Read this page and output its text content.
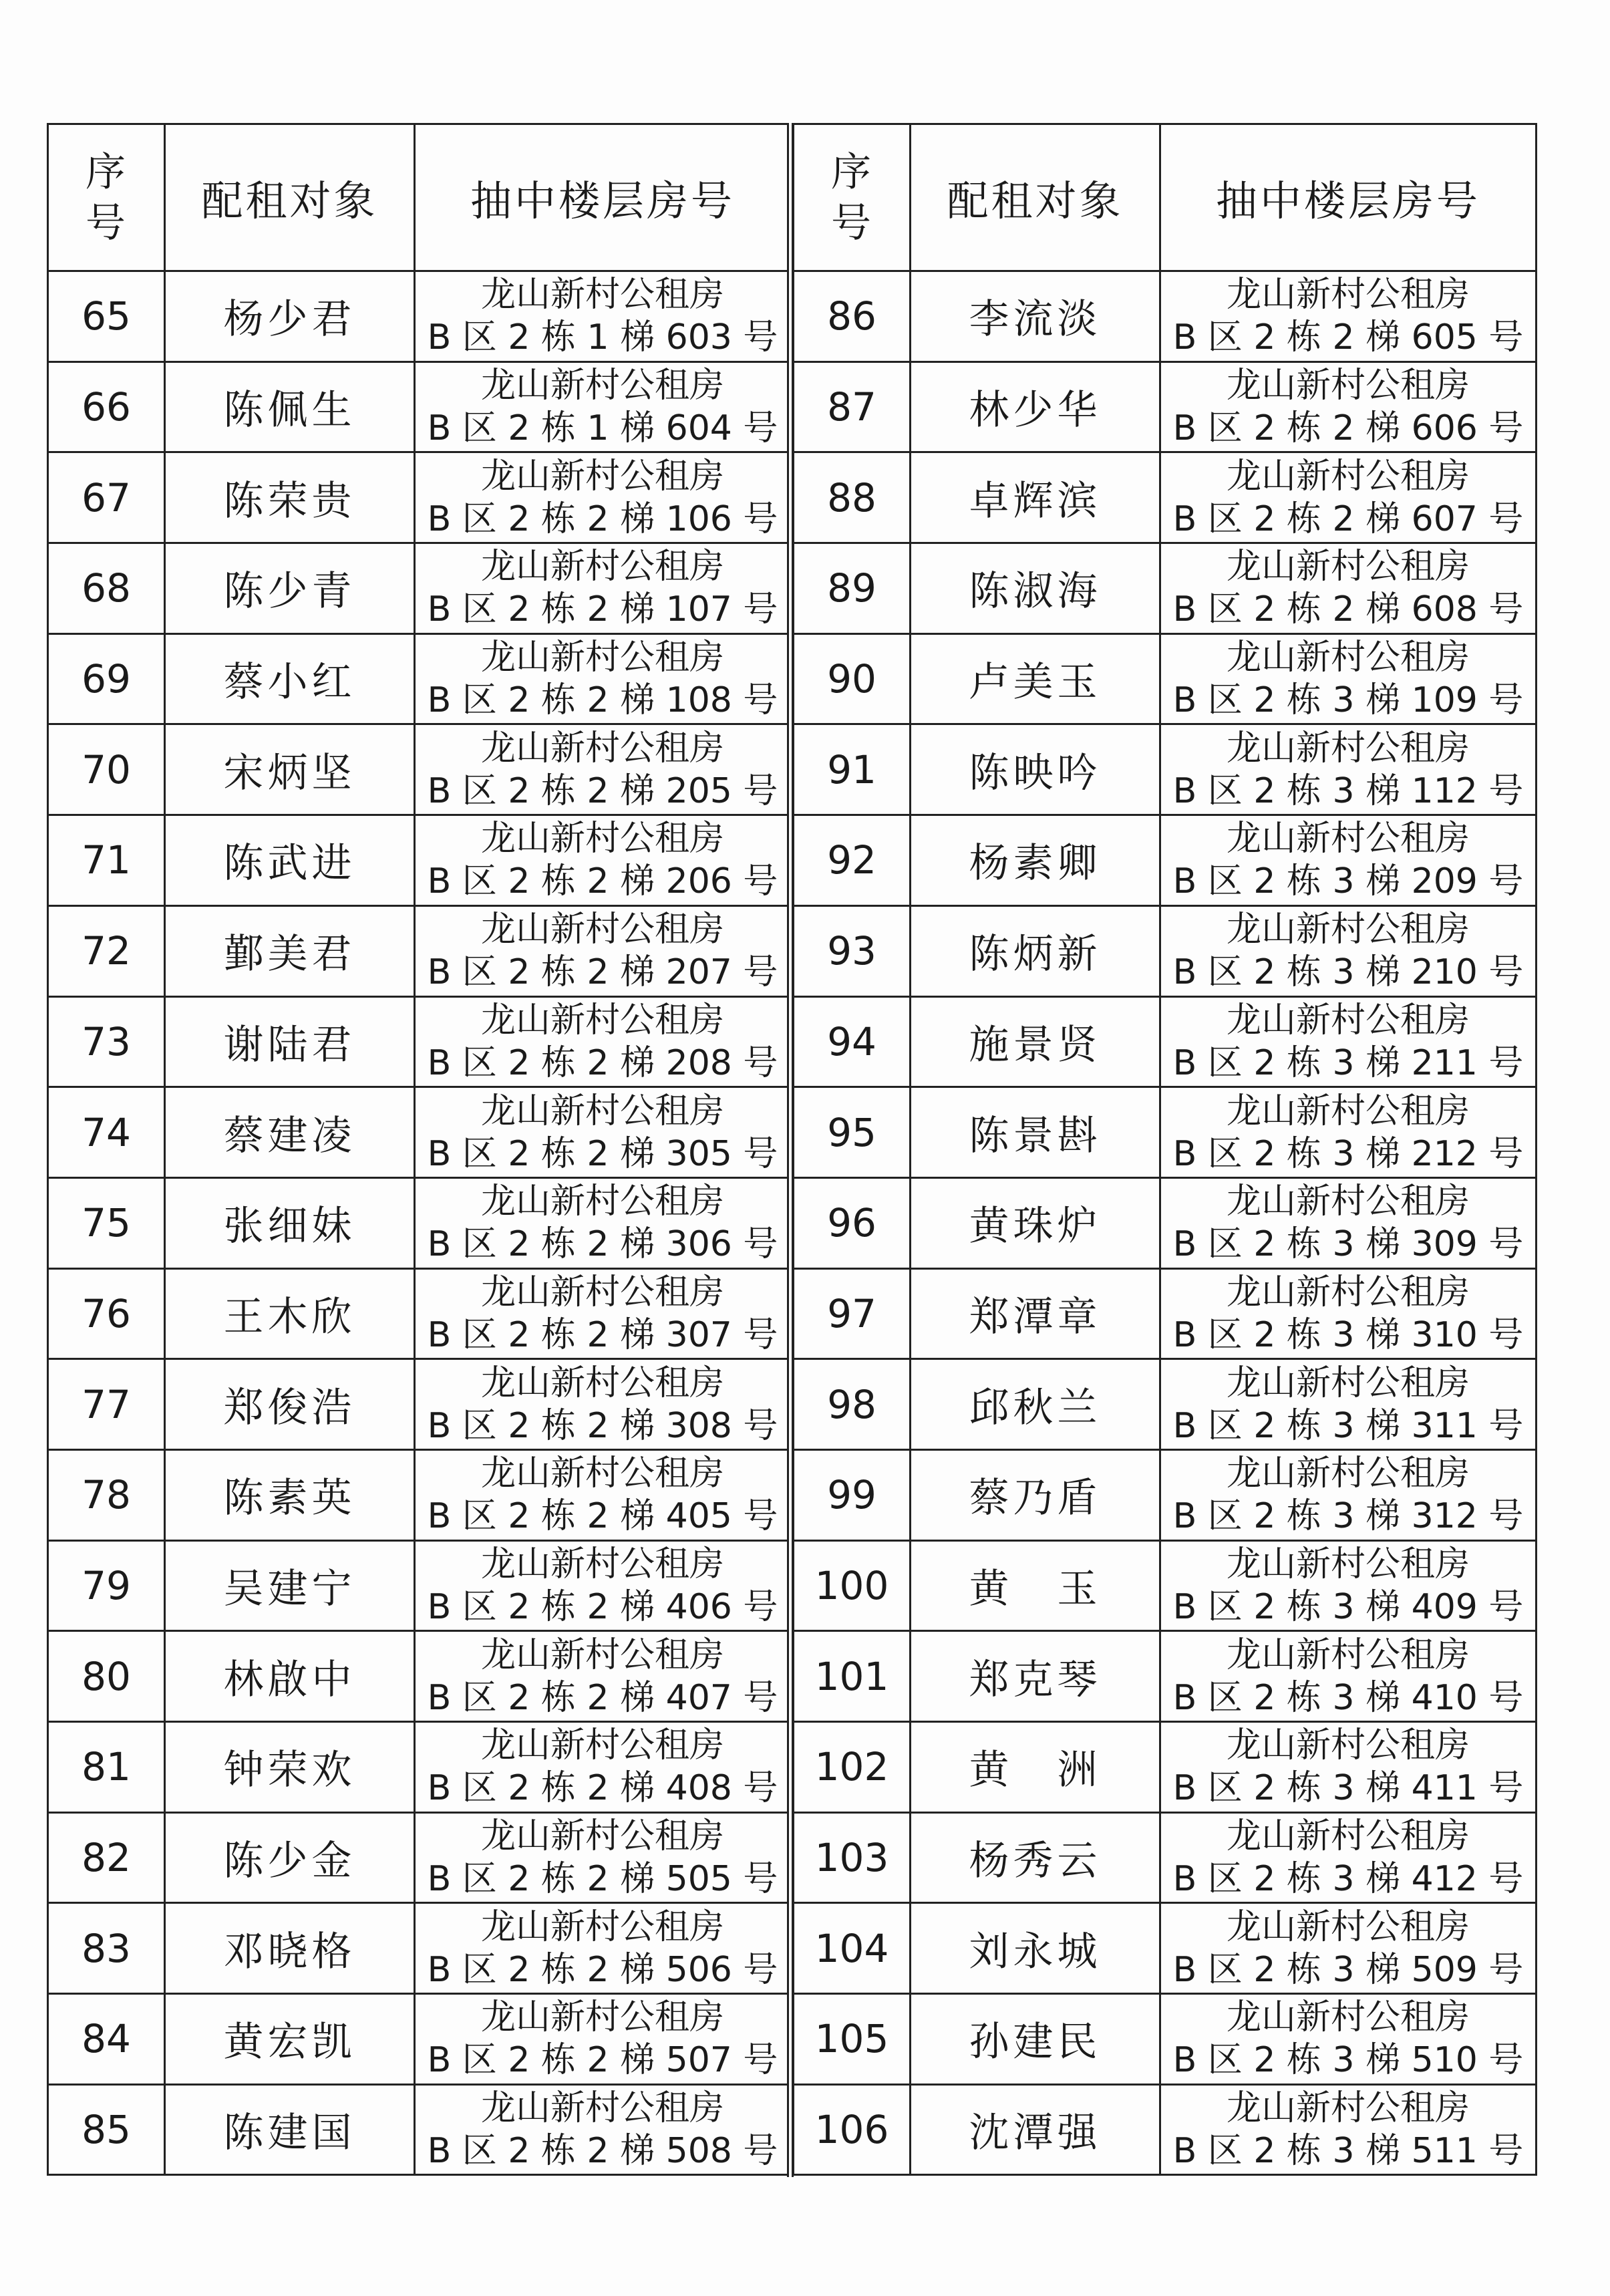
序
号	配租对象	抽中楼层房号
65	杨少君	龙山新村公租房
B 区 2 栋 1 梯 603 号

66	陈佩生	龙山新村公租房
B 区 2 栋 1 梯 604 号

67	陈荣贵	龙山新村公租房
B 区 2 栋 2 梯 106 号

68	陈少青	龙山新村公租房
B 区 2 栋 2 梯 107 号

69	蔡小红	龙山新村公租房
B 区 2 栋 2 梯 108 号

70	宋炳坚	龙山新村公租房
B 区 2 栋 2 梯 205 号

71	陈武进	龙山新村公租房
B 区 2 栋 2 梯 206 号

72	鄞美君	龙山新村公租房
B 区 2 栋 2 梯 207 号

73	谢陆君	龙山新村公租房
B 区 2 栋 2 梯 208 号

74	蔡建凌	龙山新村公租房
B 区 2 栋 2 梯 305 号

75	张细妹	龙山新村公租房
B 区 2 栋 2 梯 306 号

76	王木欣	龙山新村公租房
B 区 2 栋 2 梯 307 号

77	郑俊浩	龙山新村公租房
B 区 2 栋 2 梯 308 号

78	陈素英	龙山新村公租房
B 区 2 栋 2 梯 405 号

79	吴建宁	龙山新村公租房
B 区 2 栋 2 梯 406 号

80	林啟中	龙山新村公租房
B 区 2 栋 2 梯 407 号

81	钟荣欢	龙山新村公租房
B 区 2 栋 2 梯 408 号

82	陈少金	龙山新村公租房
B 区 2 栋 2 梯 505 号

83	邓晓格	龙山新村公租房
B 区 2 栋 2 梯 506 号

84	黄宏凯	龙山新村公租房
B 区 2 栋 2 梯 507 号

85	陈建国	龙山新村公租房
B 区 2 栋 2 梯 508 号
序
号	配租对象	抽中楼层房号
86	李流淡	龙山新村公租房
B 区 2 栋 2 梯 605 号

87	林少华	龙山新村公租房
B 区 2 栋 2 梯 606 号

88	卓辉滨	龙山新村公租房
B 区 2 栋 2 梯 607 号

89	陈淑海	龙山新村公租房
B 区 2 栋 2 梯 608 号

90	卢美玉	龙山新村公租房
B 区 2 栋 3 梯 109 号

91	陈映吟	龙山新村公租房
B 区 2 栋 3 梯 112 号

92	杨素卿	龙山新村公租房
B 区 2 栋 3 梯 209 号

93	陈炳新	龙山新村公租房
B 区 2 栋 3 梯 210 号

94	施景贤	龙山新村公租房
B 区 2 栋 3 梯 211 号

95	陈景斟	龙山新村公租房
B 区 2 栋 3 梯 212 号

96	黄珠炉	龙山新村公租房
B 区 2 栋 3 梯 309 号

97	郑潭章	龙山新村公租房
B 区 2 栋 3 梯 310 号

98	邱秋兰	龙山新村公租房
B 区 2 栋 3 梯 311 号

99	蔡乃盾	龙山新村公租房
B 区 2 栋 3 梯 312 号

100	黄　玉	龙山新村公租房
B 区 2 栋 3 梯 409 号

101	郑克琴	龙山新村公租房
B 区 2 栋 3 梯 410 号

102	黄　洲	龙山新村公租房
B 区 2 栋 3 梯 411 号

103	杨秀云	龙山新村公租房
B 区 2 栋 3 梯 412 号

104	刘永城	龙山新村公租房
B 区 2 栋 3 梯 509 号

105	孙建民	龙山新村公租房
B 区 2 栋 3 梯 510 号

106	沈潭强	龙山新村公租房
B 区 2 栋 3 梯 511 号
